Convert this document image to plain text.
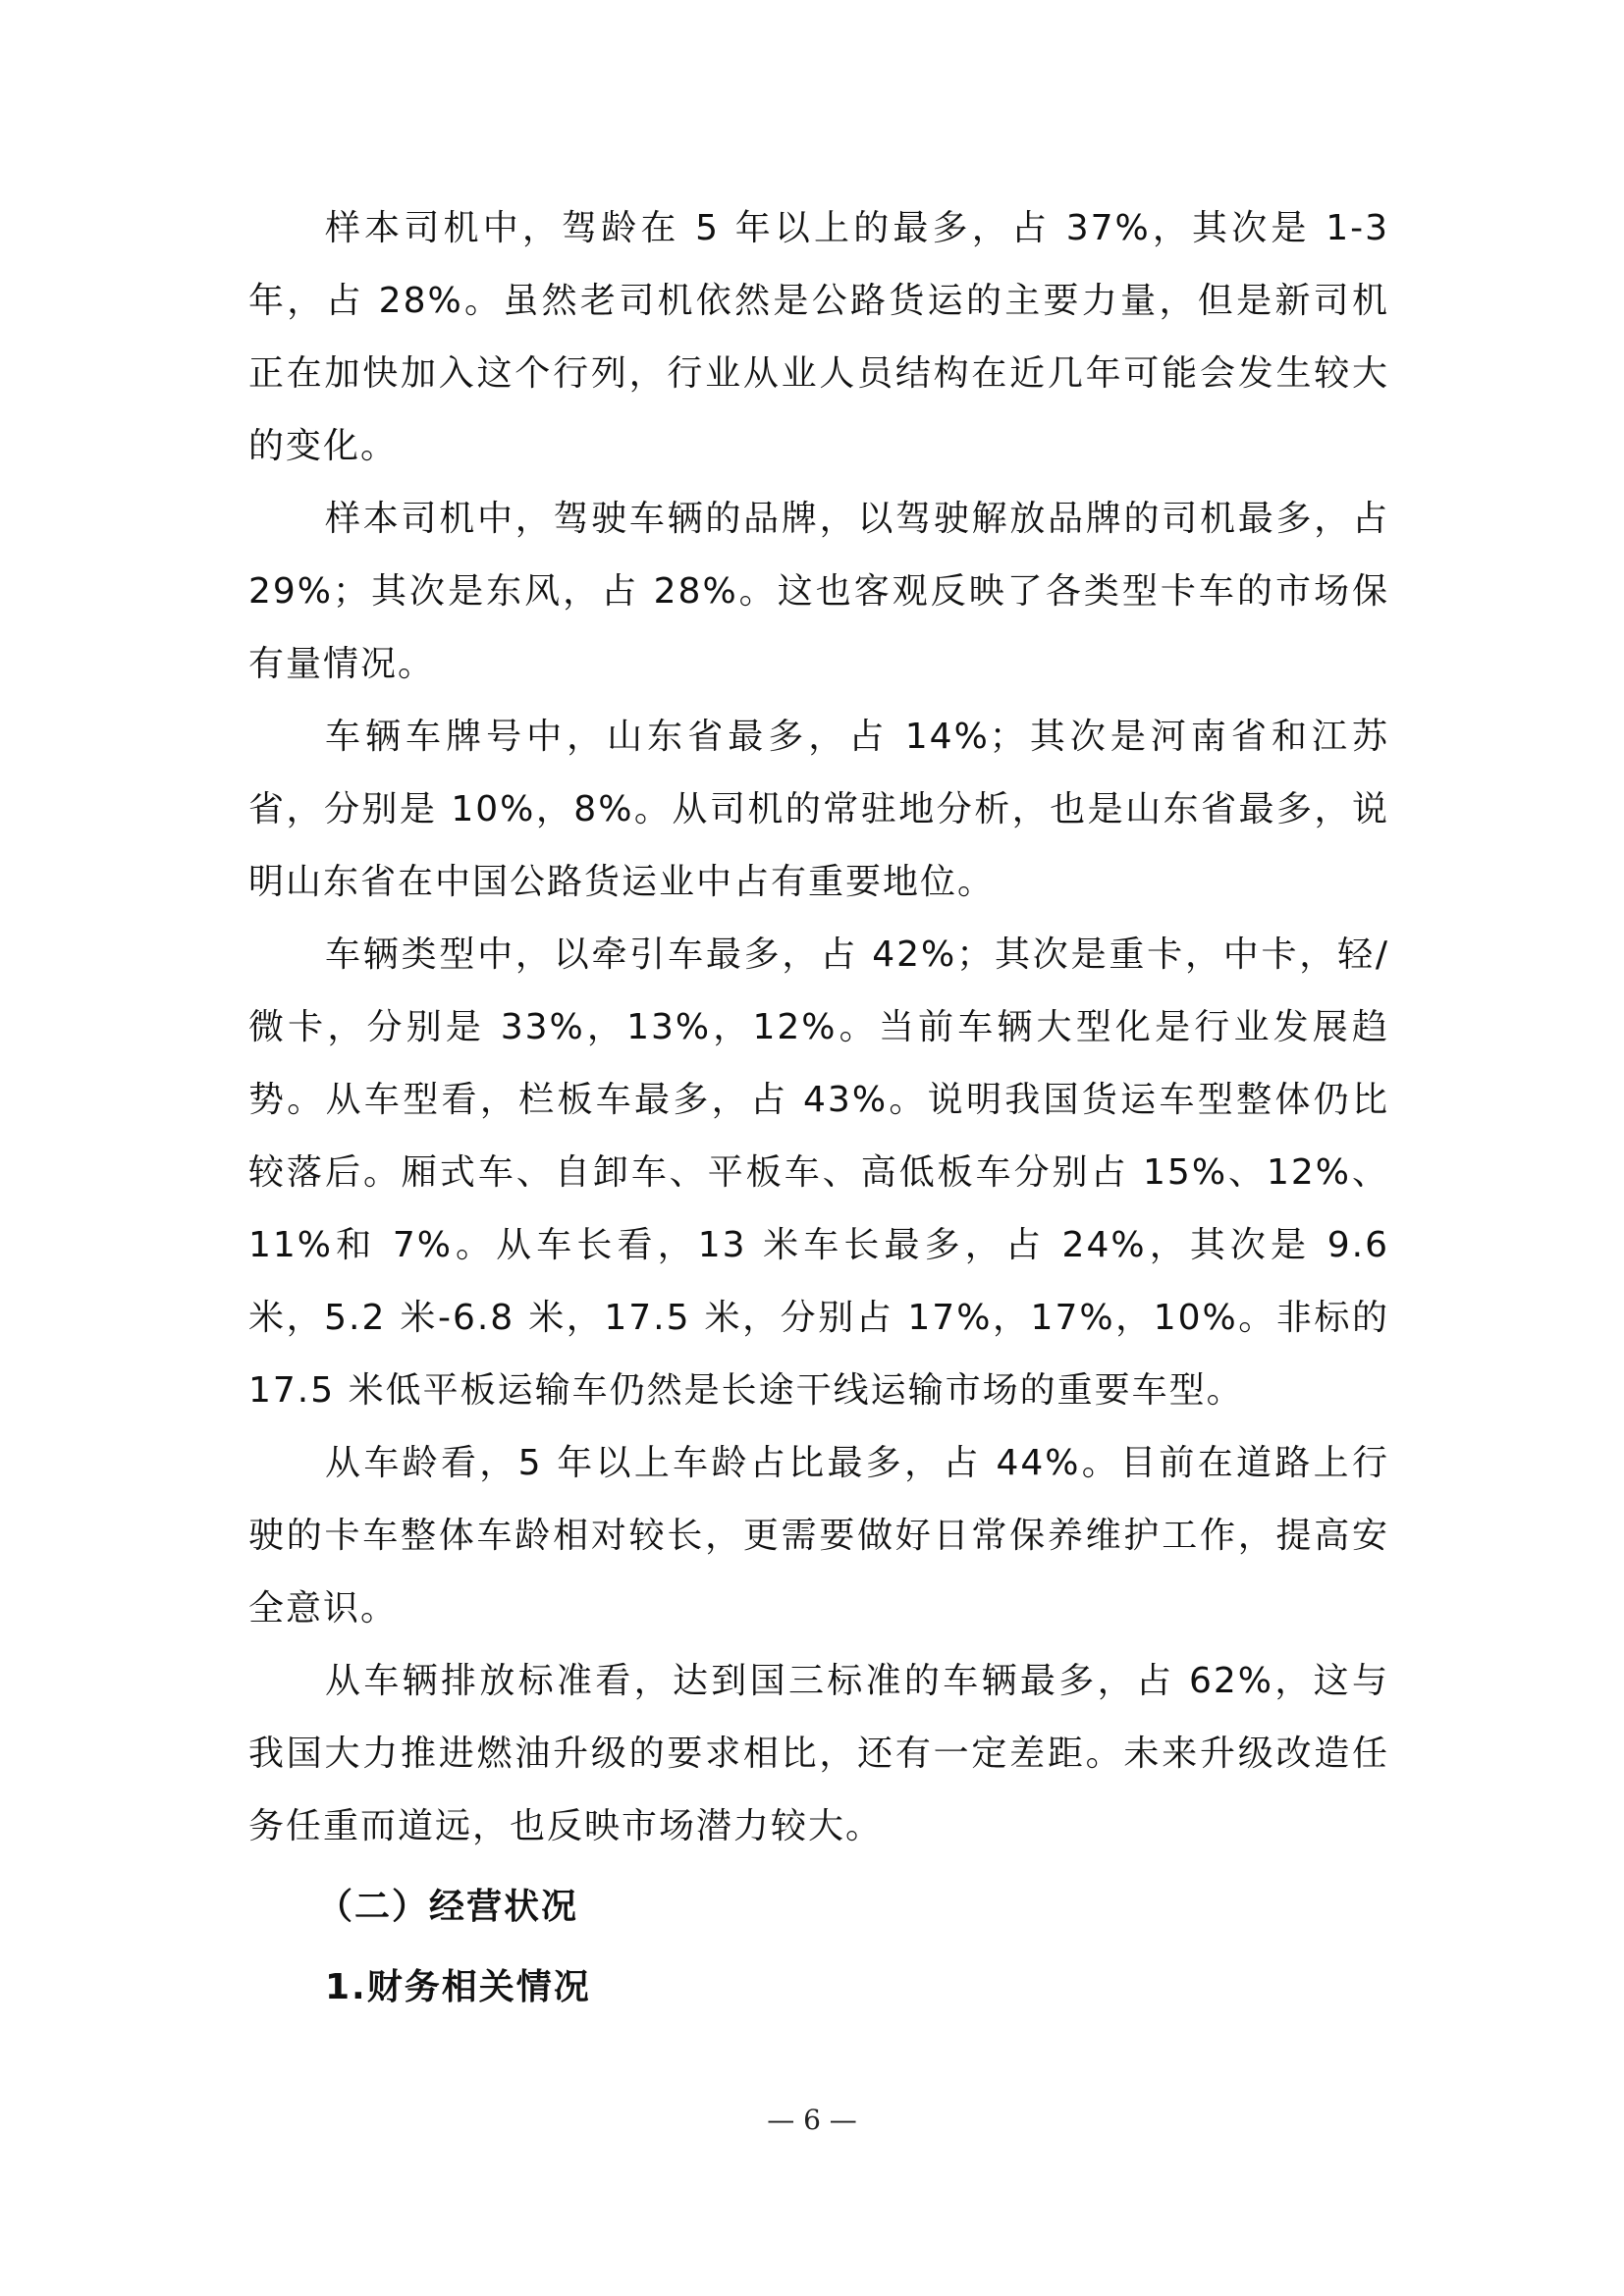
样本司机中，驾龄在 5 年以上的最多，占 37%，其次是 1-3 年，占 28%。虽然老司机依然是公路货运的主要力量，但是新司机正在加快加入这个行列，行业从业人员结构在近几年可能会发生较大的变化。

样本司机中，驾驶车辆的品牌，以驾驶解放品牌的司机最多，占 29%；其次是东风，占 28%。这也客观反映了各类型卡车的市场保有量情况。

车辆车牌号中，山东省最多，占 14%；其次是河南省和江苏省，分别是 10%，8%。从司机的常驻地分析，也是山东省最多，说明山东省在中国公路货运业中占有重要地位。

车辆类型中，以牵引车最多，占 42%；其次是重卡，中卡，轻/微卡，分别是 33%，13%，12%。当前车辆大型化是行业发展趋势。从车型看，栏板车最多，占 43%。说明我国货运车型整体仍比较落后。厢式车、自卸车、平板车、高低板车分别占 15%、12%、11%和 7%。从车长看，13 米车长最多，占 24%，其次是 9.6 米，5.2 米-6.8 米，17.5 米，分别占 17%，17%，10%。非标的 17.5 米低平板运输车仍然是长途干线运输市场的重要车型。

从车龄看，5 年以上车龄占比最多，占 44%。目前在道路上行驶的卡车整体车龄相对较长，更需要做好日常保养维护工作，提高安全意识。

从车辆排放标准看，达到国三标准的车辆最多，占 62%，这与我国大力推进燃油升级的要求相比，还有一定差距。未来升级改造任务任重而道远，也反映市场潜力较大。

（二）经营状况

1.财务相关情况

— 6 —
